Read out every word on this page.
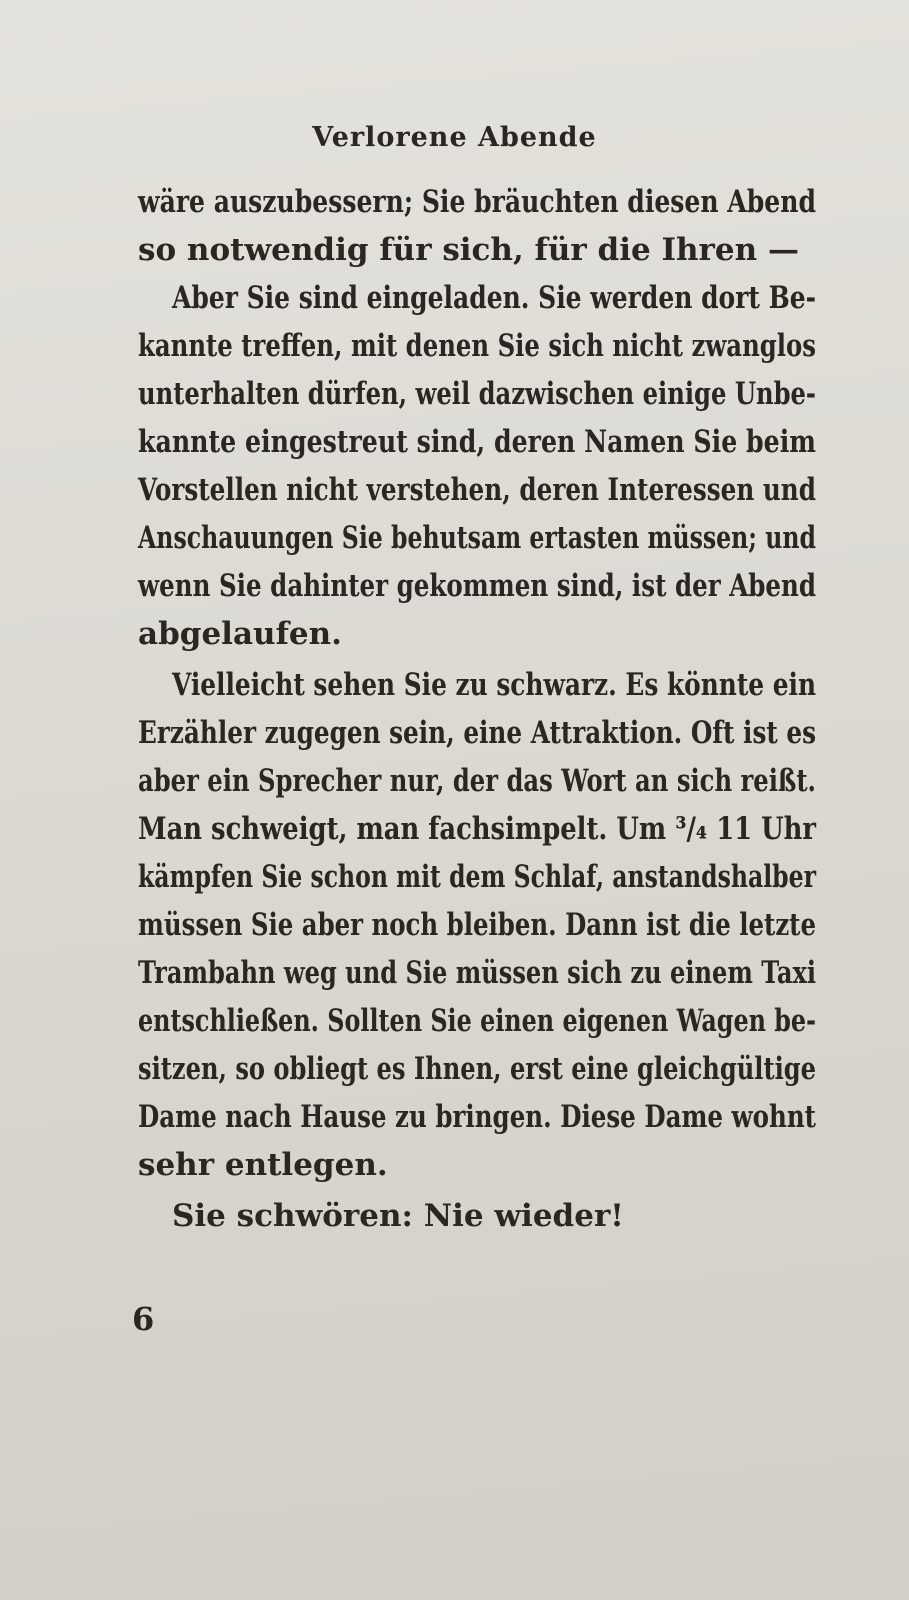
Verlorene Abende
wäre auszubessern; Sie bräuchten diesen Abend
so notwendig für sich, für die Ihren —
Aber Sie sind eingeladen. Sie werden dort Be-
kannte treffen, mit denen Sie sich nicht zwanglos
unterhalten dürfen, weil dazwischen einige Unbe-
kannte eingestreut sind, deren Namen Sie beim
Vorstellen nicht verstehen, deren Interessen und
Anschauungen Sie behutsam ertasten müssen; und
wenn Sie dahinter gekommen sind, ist der Abend
abgelaufen.
Vielleicht sehen Sie zu schwarz. Es könnte ein
Erzähler zugegen sein, eine Attraktion. Oft ist es
aber ein Sprecher nur, der das Wort an sich reißt.
Man schweigt, man fachsimpelt. Um ³/₄ 11 Uhr
kämpfen Sie schon mit dem Schlaf, anstandshalber
müssen Sie aber noch bleiben. Dann ist die letzte
Trambahn weg und Sie müssen sich zu einem Taxi
entschließen. Sollten Sie einen eigenen Wagen be-
sitzen, so obliegt es Ihnen, erst eine gleichgültige
Dame nach Hause zu bringen. Diese Dame wohnt
sehr entlegen.
Sie schwören: Nie wieder!
6
